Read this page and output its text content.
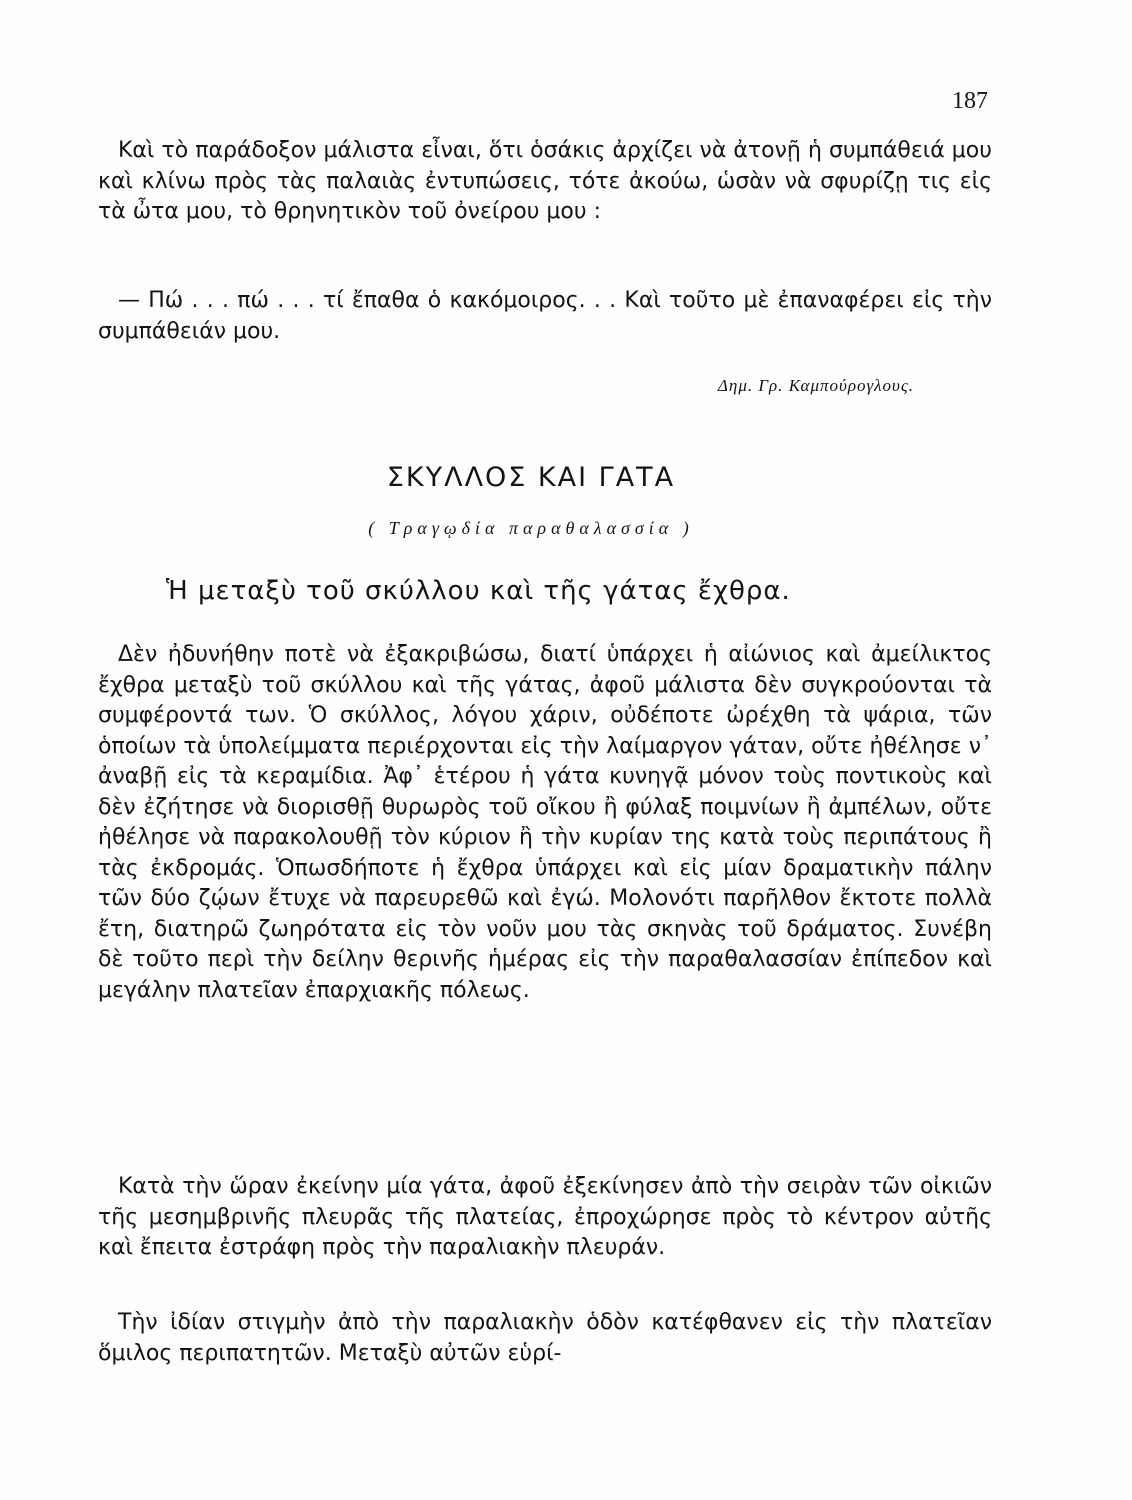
187

Καὶ τὸ παράδοξον μάλιστα εἶναι, ὅτι ὁσάκις ἀρχίζει νὰ ἀτονῇ ἡ συμπάθειά μου καὶ κλίνω πρὸς τὰς παλαιὰς ἐντυπώσεις, τότε ἀκούω, ὡσὰν νὰ σφυρίζῃ τις εἰς τὰ ὦτα μου, τὸ θρηνητικὸν τοῦ ὀνείρου μου :

— Πώ . . . πώ . . . τί ἔπαθα ὁ κακόμοιρος. . . Καὶ τοῦτο μὲ ἐπαναφέρει εἰς τὴν συμπάθειάν μου.

Δημ. Γρ. Καμπούρογλους.
ΣΚΥΛΛΟΣ ΚΑΙ ΓΑΤΑ
( Τραγῳδία παραθαλασσία )
Ἡ μεταξὺ τοῦ σκύλλου καὶ τῆς γάτας ἔχθρα.

Δὲν ἠδυνήθην ποτὲ νὰ ἐξακριβώσω, διατί ὑπάρχει ἡ αἰώνιος καὶ ἀμείλικτος ἔχθρα μεταξὺ τοῦ σκύλλου καὶ τῆς γάτας, ἀφοῦ μάλιστα δὲν συγκρούονται τὰ συμφέροντά των. Ὁ σκύλλος, λόγου χάριν, οὐδέποτε ὠρέχθη τὰ ψάρια, τῶν ὁποίων τὰ ὑπολείμματα περιέρχονται εἰς τὴν λαίμαργον γάταν, οὔτε ἠθέλησε ν᾽ ἀναβῇ εἰς τὰ κεραμίδια. Ἀφ᾽ ἑτέρου ἡ γάτα κυνηγᾷ μόνον τοὺς ποντικοὺς καὶ δὲν ἐζήτησε νὰ διορισθῇ θυρωρὸς τοῦ οἴκου ἢ φύλαξ ποιμνίων ἢ ἀμπέλων, οὔτε ἠθέλησε νὰ παρακολουθῇ τὸν κύριον ἢ τὴν κυρίαν της κατὰ τοὺς περιπάτους ἢ τὰς ἐκδρομάς. Ὁπωσδήποτε ἡ ἔχθρα ὑπάρχει καὶ εἰς μίαν δραματικὴν πάλην τῶν δύο ζῴων ἔτυχε νὰ παρευρεθῶ καὶ ἐγώ. Μολονότι παρῆλθον ἔκτοτε πολλὰ ἔτη, διατηρῶ ζωηρότατα εἰς τὸν νοῦν μου τὰς σκηνὰς τοῦ δράματος. Συνέβη δὲ τοῦτο περὶ τὴν δείλην θερινῆς ἡμέρας εἰς τὴν παραθαλασσίαν ἐπίπεδον καὶ μεγάλην πλατεῖαν ἐπαρχιακῆς πόλεως.

Κατὰ τὴν ὥραν ἐκείνην μία γάτα, ἀφοῦ ἐξεκίνησεν ἀπὸ τὴν σειρὰν τῶν οἰκιῶν τῆς μεσημβρινῆς πλευρᾶς τῆς πλατείας, ἐπροχώρησε πρὸς τὸ κέντρον αὐτῆς καὶ ἔπειτα ἐστράφη πρὸς τὴν παραλιακὴν πλευράν.

Τὴν ἰδίαν στιγμὴν ἀπὸ τὴν παραλιακὴν ὁδὸν κατέφθανεν εἰς τὴν πλατεῖαν ὅμιλος περιπατητῶν. Μεταξὺ αὐτῶν εὑρί-
